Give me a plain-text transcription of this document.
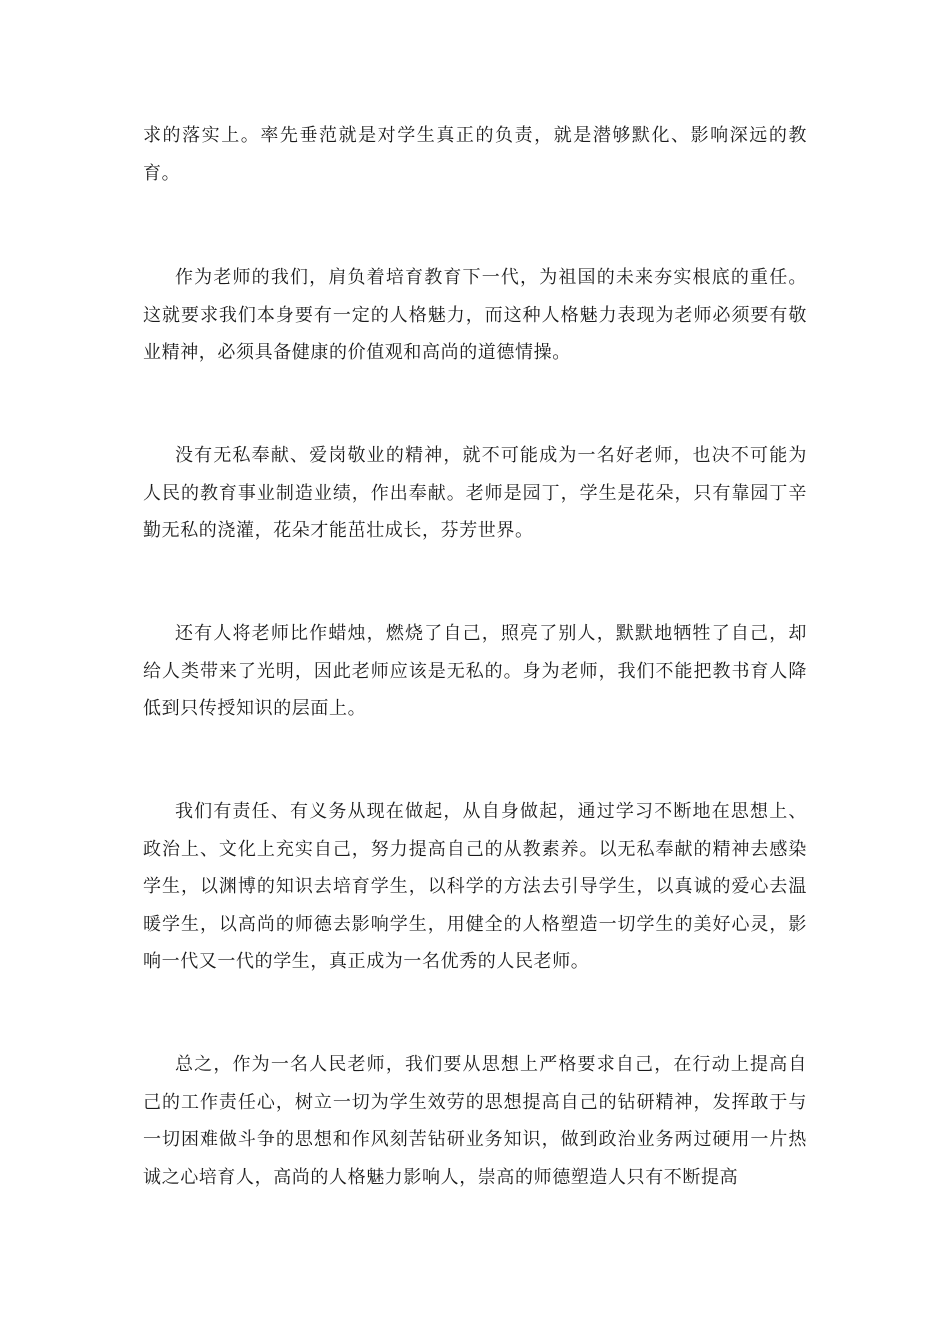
求的落实上。率先垂范就是对学生真正的负责，就是潜够默化、影响深远的教育。

作为老师的我们，肩负着培育教育下一代，为祖国的未来夯实根底的重任。这就要求我们本身要有一定的人格魅力，而这种人格魅力表现为老师必须要有敬业精神，必须具备健康的价值观和高尚的道德情操。

没有无私奉献、爱岗敬业的精神，就不可能成为一名好老师，也决不可能为人民的教育事业制造业绩，作出奉献。老师是园丁，学生是花朵，只有靠园丁辛勤无私的浇灌，花朵才能茁壮成长，芬芳世界。

还有人将老师比作蜡烛，燃烧了自己，照亮了别人，默默地牺牲了自己，却给人类带来了光明，因此老师应该是无私的。身为老师，我们不能把教书育人降低到只传授知识的层面上。

我们有责任、有义务从现在做起，从自身做起，通过学习不断地在思想上、政治上、文化上充实自己，努力提高自己的从教素养。以无私奉献的精神去感染学生，以渊博的知识去培育学生，以科学的方法去引导学生，以真诚的爱心去温暖学生，以高尚的师德去影响学生，用健全的人格塑造一切学生的美好心灵，影响一代又一代的学生，真正成为一名优秀的人民老师。

总之，作为一名人民老师，我们要从思想上严格要求自己，在行动上提高自己的工作责任心，树立一切为学生效劳的思想提高自己的钻研精神，发挥敢于与一切困难做斗争的思想和作风刻苦钻研业务知识，做到政治业务两过硬用一片热诚之心培育人，高尚的人格魅力影响人，崇高的师德塑造人只有不断提高
